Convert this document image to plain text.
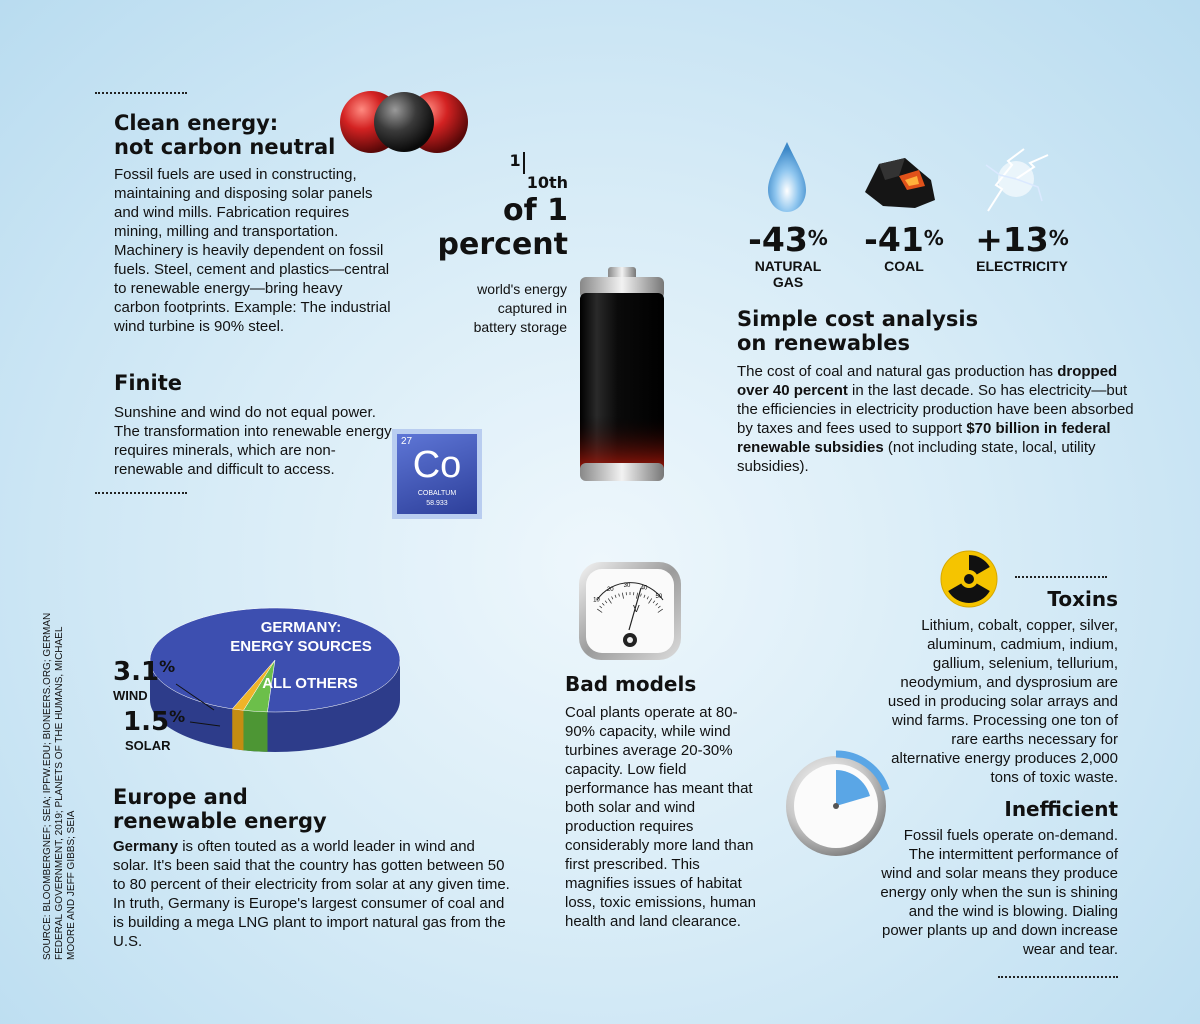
Clean energy:
not carbon neutral
Fossil fuels are used in constructing, maintaining and disposing solar panels and wind mills. Fabrication requires mining, milling and transportation. Machinery is heavily dependent on fossil fuels. Steel, cement and plastics—central to renewable energy—bring heavy carbon footprints. Example: The industrial wind turbine is 90% steel.
Finite
Sunshine and wind do not equal power. The transformation into renewable energy requires minerals, which are non-renewable and difficult to access.
27
Co
COBALTUM
58.933
110th
of 1
percent
world's energy
captured in
battery storage
-43%
NATURAL
GAS
-41%
COAL
+13%
ELECTRICITY
Simple cost analysis
on renewables
The cost of coal and natural gas production has dropped over 40 percent in the last decade. So has electricity—but the efficiencies in electricity production have been absorbed by taxes and fees used to support $70 billion in federal renewable subsidies (not including state, local, utility subsidies).
GERMANY:
ENERGY SOURCES
ALL OTHERS
3.1%
WIND
1.5%
SOLAR
SOURCE: BLOOMBERGNEF; SEIA; IPFW.EDU; BIONEERS.ORG; GERMAN FEDERAL GOVERNMENT, 2019; PLANETS OF THE HUMANS, MICHAEL MOORE AND JEFF GIBBS; SEIA
Europe and
renewable energy
Germany is often touted as a world leader in wind and solar. It's been said that the country has gotten between 50 to 80 percent of their electricity from solar at any given time. In truth, Germany is Europe's largest consumer of coal and is building a mega LNG plant to import natural gas from the U.S.
10
20
30 40
50
V
Bad models
Coal plants operate at 80-90% capacity, while wind turbines average 20-30% capacity. Low field performance has meant that both solar and wind production requires considerably more land than first prescribed. This magnifies issues of habitat loss, toxic emissions, human health and land clearance.
Toxins
Lithium, cobalt, copper, silver, aluminum, cadmium, indium, gallium, selenium, tellurium, neodymium, and dysprosium are used in producing solar arrays and wind farms. Processing one ton of rare earths necessary for alternative energy produces 2,000 tons of toxic waste.
Inefficient
Fossil fuels operate on-demand. The intermittent performance of wind and solar means they produce energy only when the sun is shining and the wind is blowing. Dialing power plants up and down increase wear and tear.
